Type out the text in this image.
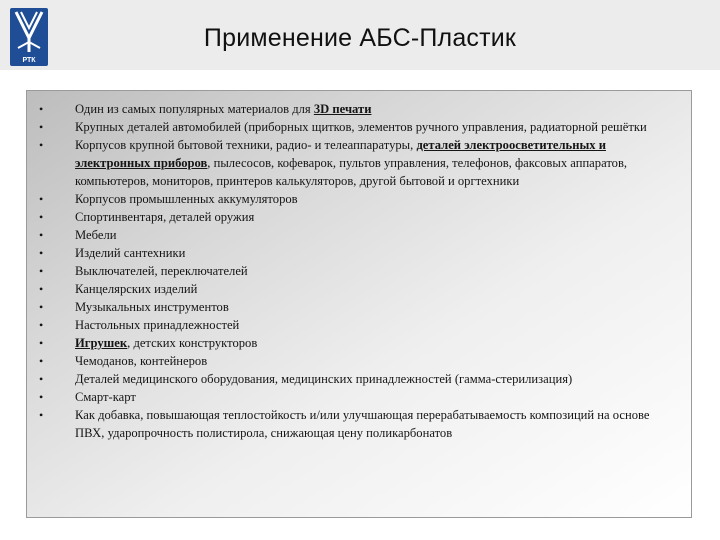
РТК
Применение АБС-Пластик
•	Один из самых популярных материалов для 3D печати
•	Крупных деталей автомобилей (приборных щитков, элементов ручного управления, радиаторной решётки
•	Корпусов крупной бытовой техники, радио- и телеаппаратуры, деталей электроосветительных и электронных приборов, пылесосов, кофеварок, пультов управления, телефонов, факсовых аппаратов, компьютеров, мониторов, принтеров калькуляторов, другой бытовой и оргтехники
•	Корпусов промышленных аккумуляторов
•	Спортинвентаря, деталей оружия
•	Мебели
•	Изделий сантехники
•	Выключателей, переключателей
•	Канцелярских изделий
•	Музыкальных инструментов
•	Настольных принадлежностей
•	Игрушек, детских конструкторов
•	Чемоданов, контейнеров
•	Деталей медицинского оборудования, медицинских принадлежностей (гамма-стерилизация)
•	Смарт-карт
•	Как добавка, повышающая теплостойкость и/или улучшающая перерабатываемость композиций на основе ПВХ, ударопрочность полистирола, снижающая цену поликарбонатов
